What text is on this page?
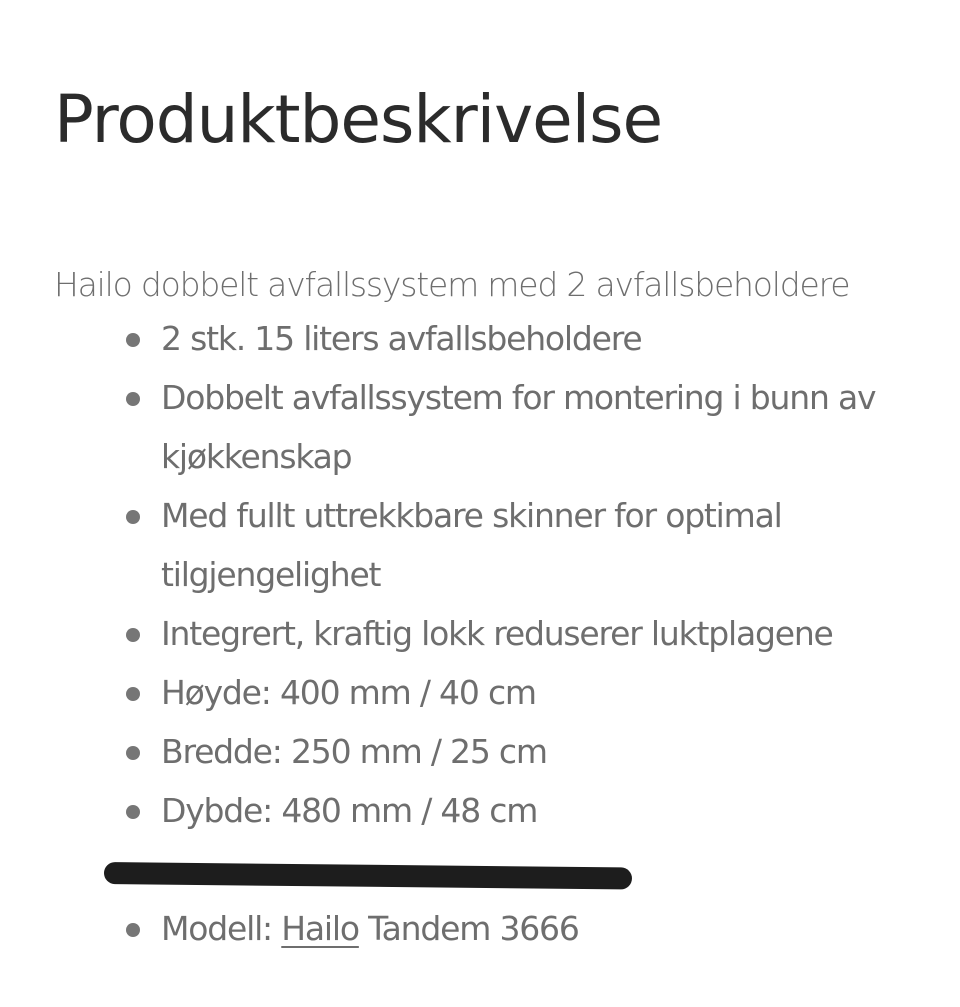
Produktbeskrivelse
Hailo dobbelt avfallssystem med 2 avfallsbeholdere
2 stk. 15 liters avfallsbeholdere
Dobbelt avfallssystem for montering i bunn av kjøkkenskap
Med fullt uttrekkbare skinner for optimal tilgjengelighet
Integrert, kraftig lokk reduserer luktplagene
Høyde: 400 mm / 40 cm
Bredde: 250 mm / 25 cm
Dybde: 480 mm / 48 cm
Modell: Hailo Tandem 3666
